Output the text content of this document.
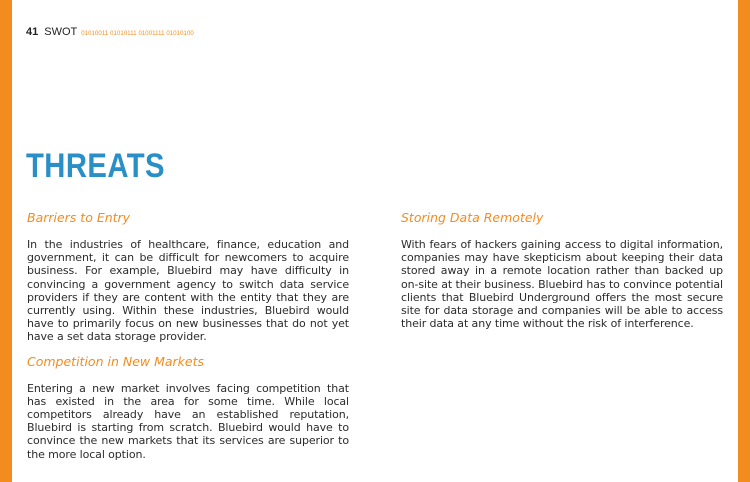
41 SWOT 01010011 01010111 01001111 01010100
THREATS
Barriers to Entry

In the industries of healthcare, finance, education and government, it can be difficult for newcomers to acquire business. For example, Bluebird may have difficulty in convincing a government agency to switch data service providers if they are content with the entity that they are currently using. Within these industries, Bluebird would have to primarily focus on new businesses that do not yet have a set data storage provider.

Competition in New Markets

Entering a new market involves facing competition that has existed in the area for some time. While local competitors already have an established reputation, Bluebird is starting from scratch. Bluebird would have to convince the new markets that its services are superior to the more local option.

Storing Data Remotely

With fears of hackers gaining access to digital information, companies may have skepticism about keeping their data stored away in a remote location rather than backed up on-site at their business. Bluebird has to convince potential clients that Bluebird Underground offers the most secure site for data storage and companies will be able to access their data at any time without the risk of interference.
